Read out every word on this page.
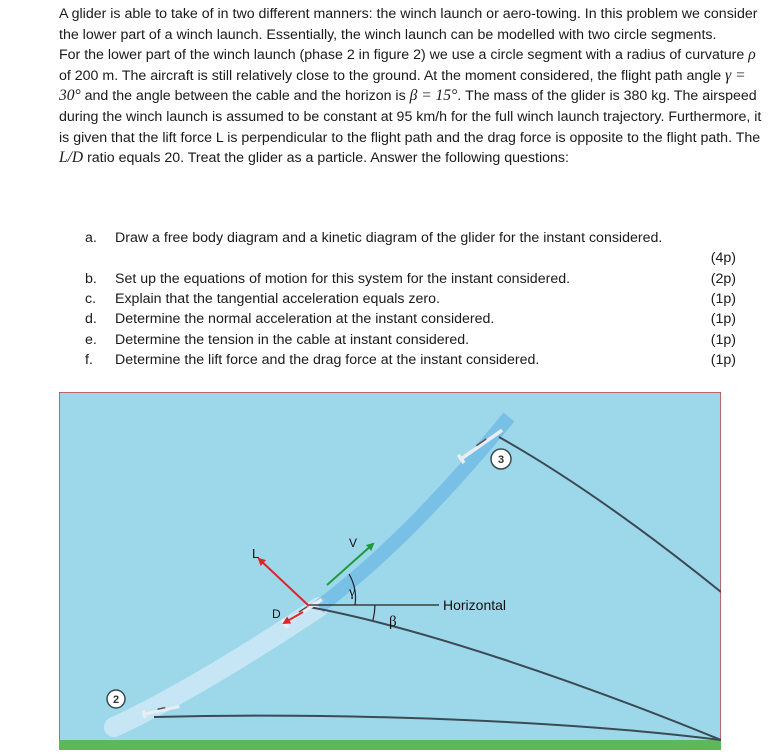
A glider is able to take of in two different manners: the winch launch or aero-towing. In this problem we consider the lower part of a winch launch. Essentially, the winch launch can be modelled with two circle segments.

For the lower part of the winch launch (phase 2 in figure 2) we use a circle segment with a radius of curvature ρ of 200 m. The aircraft is still relatively close to the ground. At the moment considered, the flight path angle γ = 30° and the angle between the cable and the horizon is β = 15°. The mass of the glider is 380 kg. The airspeed during the winch launch is assumed to be constant at 95 km/h for the full winch launch trajectory. Furthermore, it is given that the lift force L is perpendicular to the flight path and the drag force is opposite to the flight path. The L/D ratio equals 20. Treat the glider as a particle. Answer the following questions:

a.	Draw a free body diagram and a kinetic diagram of the glider for the instant considered.
(4p)
b.	Set up the equations of motion for this system for the instant considered.	(2p)
c.	Explain that the tangential acceleration equals zero.	(1p)
d.	Determine the normal acceleration at the instant considered.	(1p)
e.	Determine the tension in the cable at instant considered.	(1p)
f.	Determine the lift force and the drag force at the instant considered.	(1p)
L
V
D
γ
β
Horizontal
2
3
